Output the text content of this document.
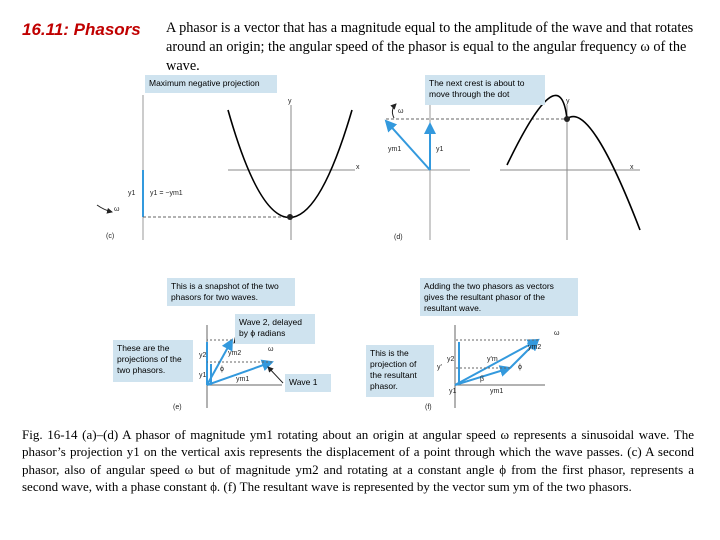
16.11: Phasors A phasor is a vector that has a magnitude equal to the amplitude of the wave and that rotates around an origin; the angular speed of the phasor is equal to the angular frequency ω of the wave.
Maximum negative projection	The next crest is about to move through the dot
This is a snapshot of the two phasors for two waves.
These are the projections of the two phasors.
Wave 2, delayed by ϕ radians
Wave 1
Adding the two phasors as vectors gives the resultant phasor of the resultant wave.
This is the projection of the resultant phasor.
(c)
y
x
y1 y1 = −ym1
ω
(d)
y
x
ym1	y1
ω
(e)
y2
y1
ym2
ym1
ϕ
ω
(f)
y'
y2
y1
y'm
ym2
ym1
β
ϕ
ω
Fig. 16-14 (a)–(d) A phasor of magnitude ym1 rotating about an origin at angular speed ω represents a sinusoidal wave. The phasor’s projection y1 on the vertical axis represents the displacement of a point through which the wave passes. (c) A second phasor, also of angular speed ω but of magnitude ym2 and rotating at a constant angle ϕ from the first phasor, represents a second wave, with a phase constant ϕ. (f) The resultant wave is represented by the vector sum ym of the two phasors.
